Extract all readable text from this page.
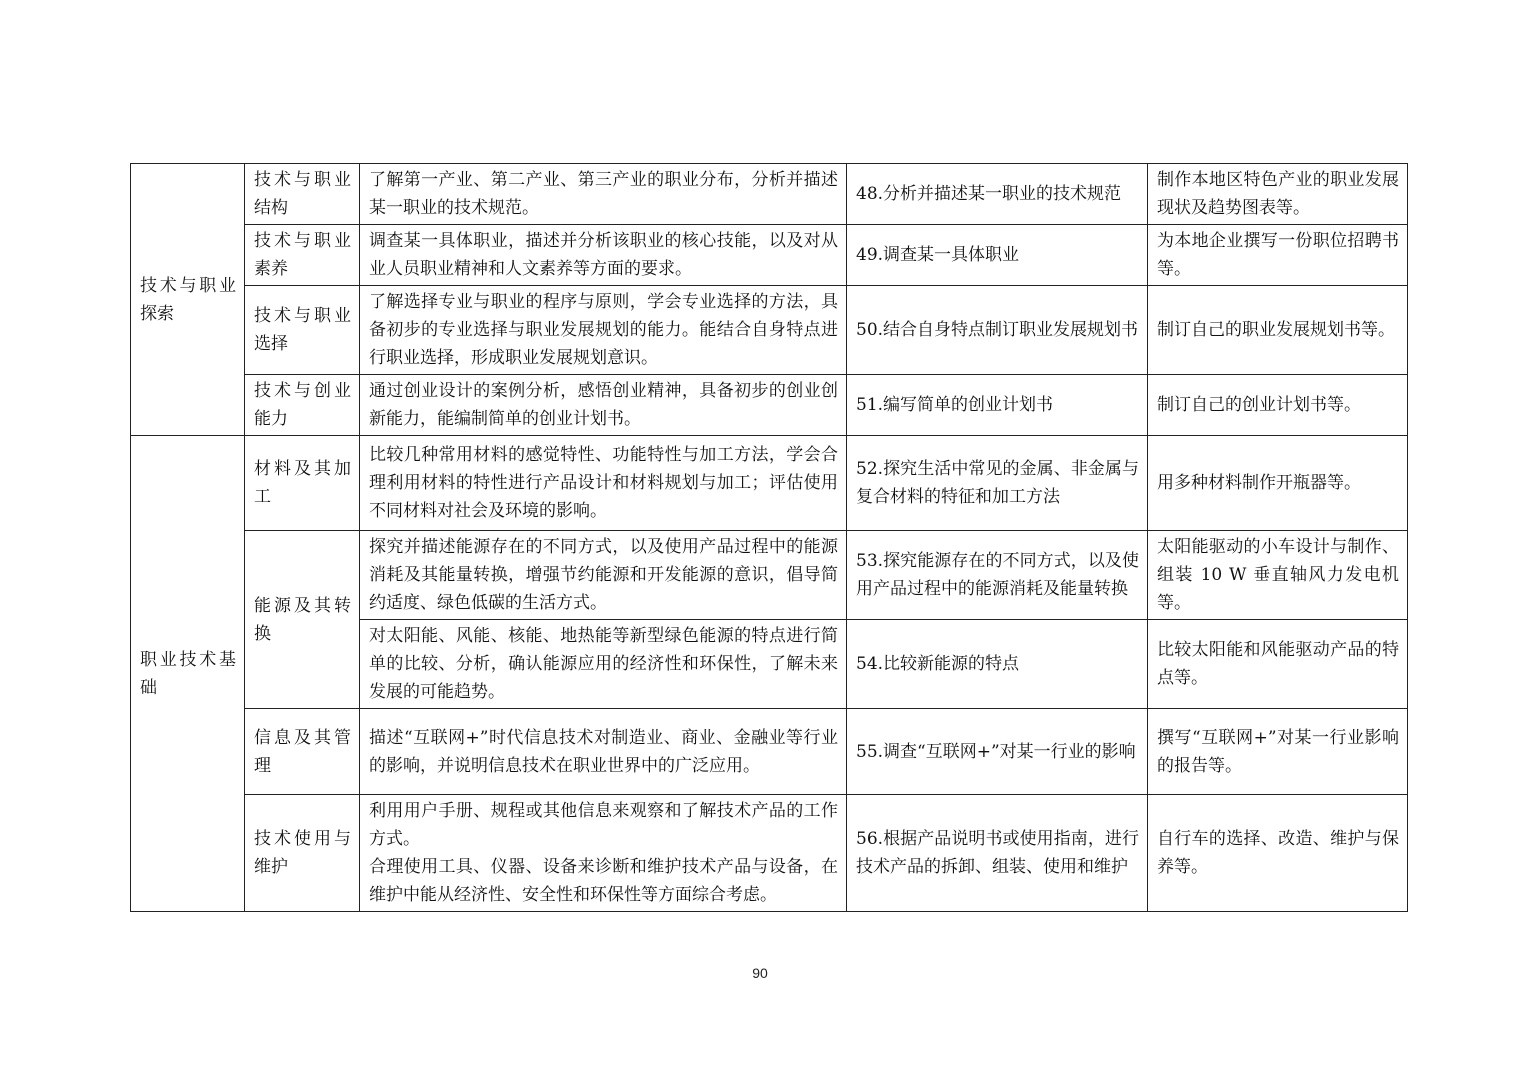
技术与职业探索	技术与职业结构	了解第一产业、第二产业、第三产业的职业分布，分析并描述某一职业的技术规范。	48.分析并描述某一职业的技术规范	制作本地区特色产业的职业发展现状及趋势图表等。

	技术与职业素养	调查某一具体职业，描述并分析该职业的核心技能，以及对从业人员职业精神和人文素养等方面的要求。	49.调查某一具体职业	为本地企业撰写一份职位招聘书等。

	技术与职业选择	了解选择专业与职业的程序与原则，学会专业选择的方法，具备初步的专业选择与职业发展规划的能力。能结合自身特点进行职业选择，形成职业发展规划意识。	50.结合自身特点制订职业发展规划书	制订自己的职业发展规划书等。

	技术与创业能力	通过创业设计的案例分析，感悟创业精神，具备初步的创业创新能力，能编制简单的创业计划书。	51.编写简单的创业计划书	制订自己的创业计划书等。

职业技术基础	材料及其加工	比较几种常用材料的感觉特性、功能特性与加工方法，学会合理利用材料的特性进行产品设计和材料规划与加工；评估使用不同材料对社会及环境的影响。	52.探究生活中常见的金属、非金属与复合材料的特征和加工方法	用多种材料制作开瓶器等。

	能源及其转换	探究并描述能源存在的不同方式，以及使用产品过程中的能源消耗及其能量转换，增强节约能源和开发能源的意识，倡导简约适度、绿色低碳的生活方式。	53.探究能源存在的不同方式，以及使用产品过程中的能源消耗及能量转换	太阳能驱动的小车设计与制作、组装 10 W 垂直轴风力发电机等。

		对太阳能、风能、核能、地热能等新型绿色能源的特点进行简单的比较、分析，确认能源应用的经济性和环保性，了解未来发展的可能趋势。	54.比较新能源的特点	比较太阳能和风能驱动产品的特点等。

	信息及其管理	描述“互联网+”时代信息技术对制造业、商业、金融业等行业的影响，并说明信息技术在职业世界中的广泛应用。	55.调查“互联网+”对某一行业的影响	撰写“互联网+”对某一行业影响的报告等。

	技术使用与维护	利用用户手册、规程或其他信息来观察和了解技术产品的工作方式。
合理使用工具、仪器、设备来诊断和维护技术产品与设备，在维护中能从经济性、安全性和环保性等方面综合考虑。	56.根据产品说明书或使用指南，进行技术产品的拆卸、组装、使用和维护	自行车的选择、改造、维护与保养等。
90
